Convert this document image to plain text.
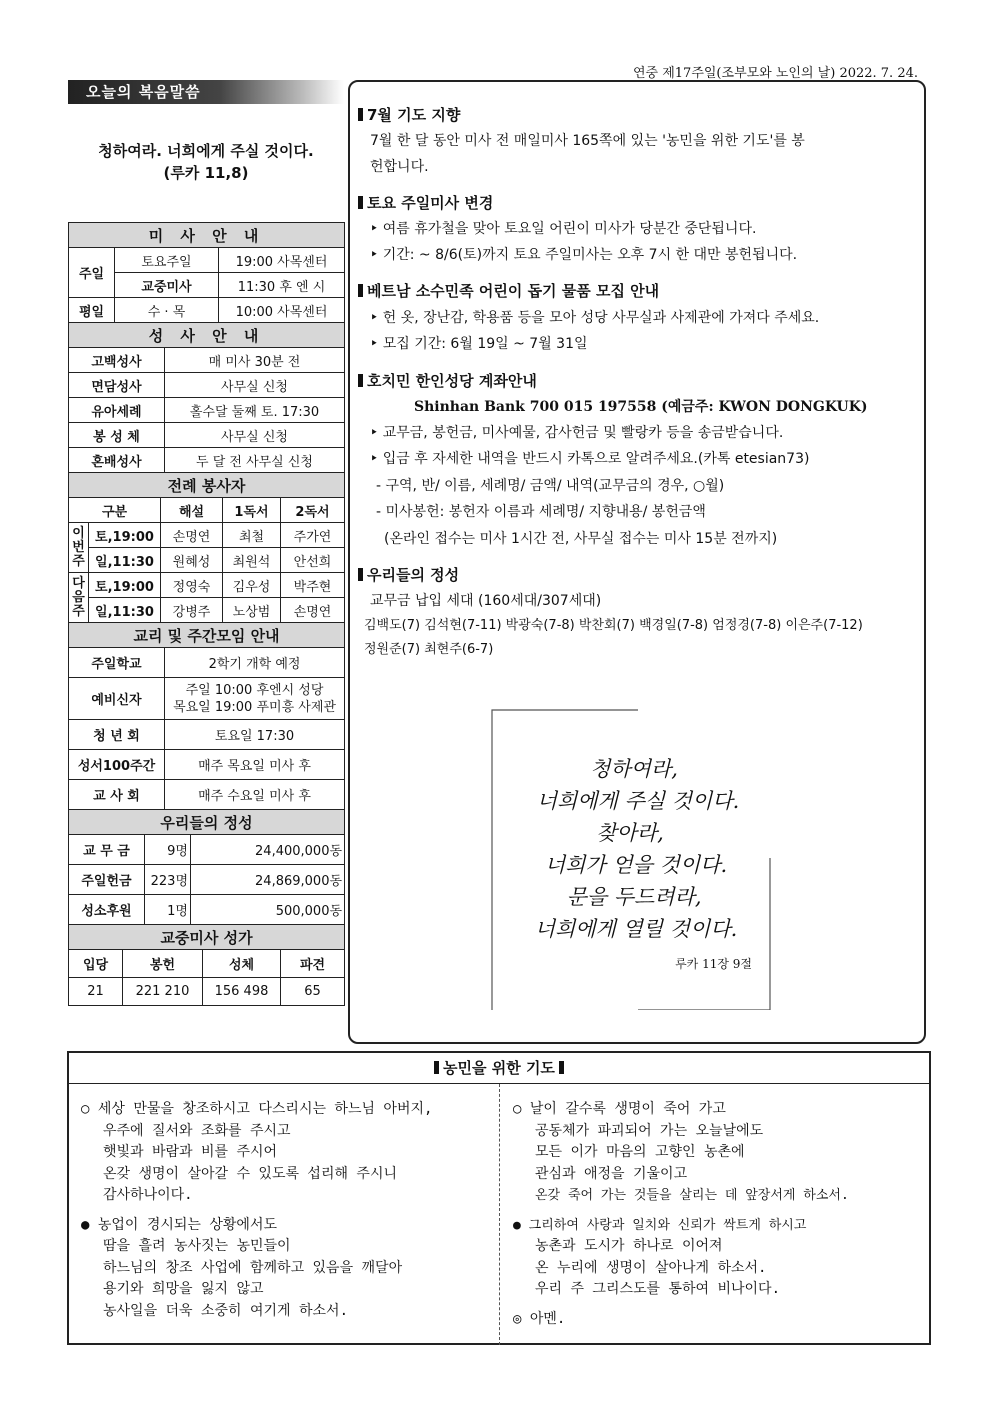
연중 제17주일(조부모와 노인의 날) 2022. 7. 24.
오늘의 복음말씀
청하여라. 너희에게 주실 것이다.
(루카 11,8)
미 사 안 내		
주일	토요주일	19:00 사목센터
	교중미사	11:30 후 엔 시
평일	수 · 목	10:00 사목센터
성 사 안 내	
고백성사	매 미사 30분 전
면담성사	사무실 신청
유아세례	홀수달 둘째 토. 17:30
봉 성 체	사무실 신청
혼배성사	두 달 전 사무실 신청
전례 봉사자				
구분		해설	1독서	2독서

이번주	토,19:00	손명연	최철	주가연
	일,11:30	원혜성	최원석	안선희

다음주	토,19:00	정영숙	김우성	박주현
	일,11:30	강병주	노상범	손명연
교리 및 주간모임 안내	
주일학교	2학기 개학 예정
예비신자	주일 10:00 후엔시 성당
목요일 19:00 푸미흥 사제관

청 년 회	토요일 17:30
성서100주간	매주 목요일 미사 후
교 사 회	매주 수요일 미사 후
우리들의 정성		
교 무 금	9명	24,400,000동
주일헌금	223명	24,869,000동
성소후원	1명	500,000동
교중미사 성가			
입당	봉헌	성체	파견
21	221 210	156 498	65
7월 기도 지향
7월 한 달 동안 미사 전 매일미사 165쪽에 있는 '농민을 위한 기도'를 봉
헌합니다.
토요 주일미사 변경
‣ 여름 휴가철을 맞아 토요일 어린이 미사가 당분간 중단됩니다.
‣ 기간: ~ 8/6(토)까지 토요 주일미사는 오후 7시 한 대만 봉헌됩니다.
베트남 소수민족 어린이 돕기 물품 모집 안내
‣ 헌 옷, 장난감, 학용품 등을 모아 성당 사무실과 사제관에 가져다 주세요.
‣ 모집 기간: 6월 19일 ~ 7월 31일
호치민 한인성당 계좌안내
Shinhan Bank 700 015 197558 (예금주: KWON DONGKUK)
‣ 교무금, 봉헌금, 미사예물, 감사헌금 및 빨랑카 등을 송금받습니다.
‣ 입금 후 자세한 내역을 반드시 카톡으로 알려주세요.(카톡 etesian73)
- 구역, 반/ 이름, 세례명/ 금액/ 내역(교무금의 경우, ○월)
- 미사봉헌: 봉헌자 이름과 세례명/ 지향내용/ 봉헌금액
(온라인 접수는 미사 1시간 전, 사무실 접수는 미사 15분 전까지)
우리들의 정성
교무금 납입 세대 (160세대/307세대)
김백도(7) 김석현(7-11) 박광숙(7-8) 박찬회(7) 백경일(7-8) 엄정경(7-8) 이은주(7-12)
정원준(7) 최현주(6-7)
청하여라,
너희에게 주실 것이다.
찾아라,
너희가 얻을 것이다.
문을 두드려라,
너희에게 열릴 것이다.
루카 11장 9절
농민을 위한 기도
○ 세상 만물을 창조하시고 다스리시는 하느님 아버지,
우주에 질서와 조화를 주시고
햇빛과 바람과 비를 주시어
온갖 생명이 살아갈 수 있도록 섭리해 주시니
감사하나이다.
● 농업이 경시되는 상황에서도
땀을 흘려 농사짓는 농민들이
하느님의 창조 사업에 함께하고 있음을 깨달아
용기와 희망을 잃지 않고
농사일을 더욱 소중히 여기게 하소서.
○ 날이 갈수록 생명이 죽어 가고
공동체가 파괴되어 가는 오늘날에도
모든 이가 마음의 고향인 농촌에
관심과 애정을 기울이고
온갖 죽어 가는 것들을 살리는 데 앞장서게 하소서.
● 그리하여 사랑과 일치와 신뢰가 싹트게 하시고
농촌과 도시가 하나로 이어져
온 누리에 생명이 살아나게 하소서.
우리 주 그리스도를 통하여 비나이다.
◎ 아멘.
